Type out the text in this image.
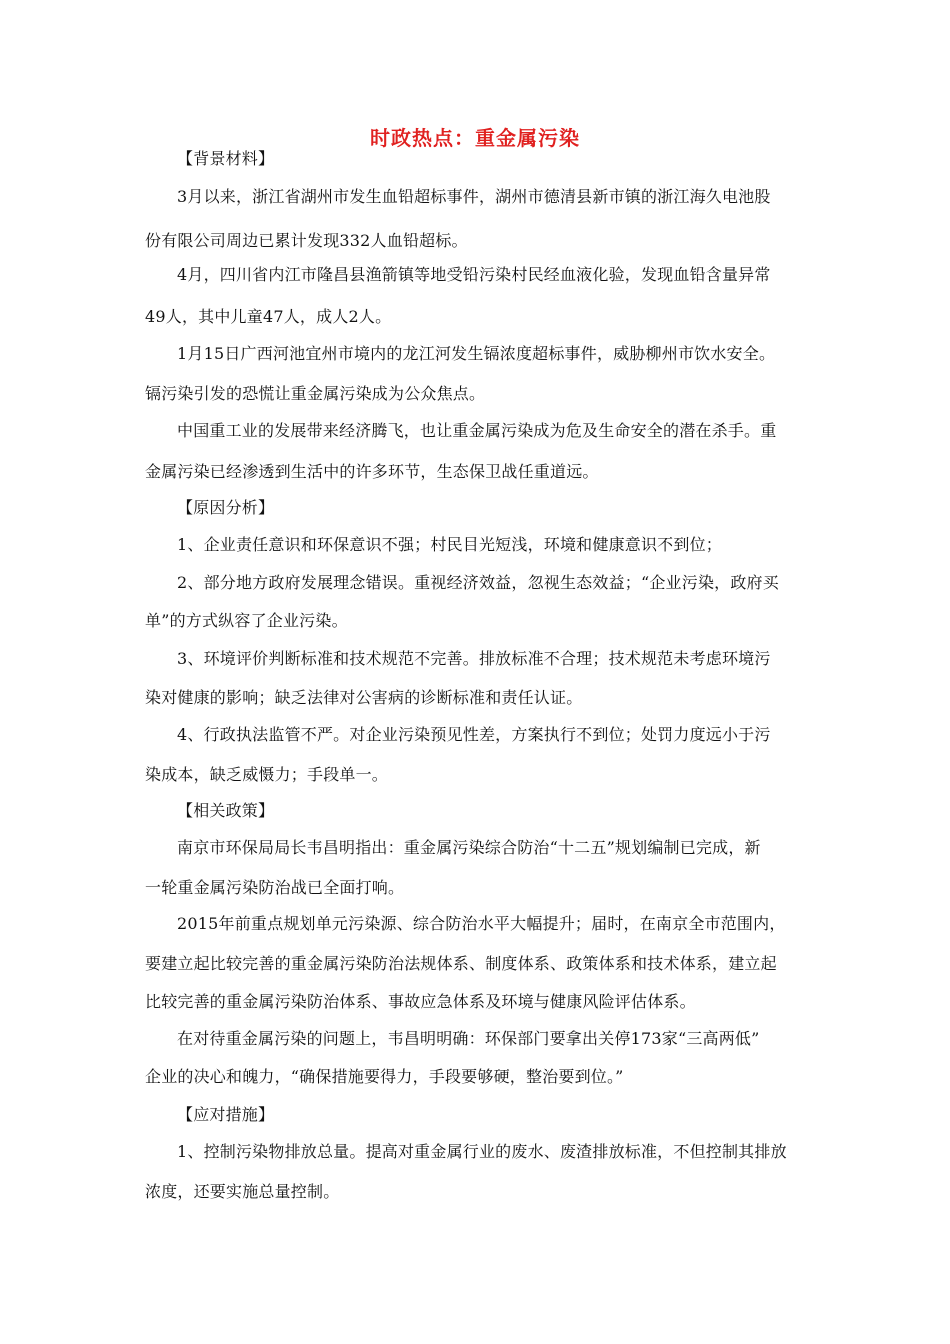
时政热点：重金属污染
【背景材料】
3月以来，浙江省湖州市发生血铅超标事件，湖州市德清县新市镇的浙江海久电池股
份有限公司周边已累计发现332人血铅超标。
4月，四川省内江市隆昌县渔箭镇等地受铅污染村民经血液化验，发现血铅含量异常
49人，其中儿童47人，成人2人。
1月15日广西河池宜州市境内的龙江河发生镉浓度超标事件，威胁柳州市饮水安全。
镉污染引发的恐慌让重金属污染成为公众焦点。
中国重工业的发展带来经济腾飞，也让重金属污染成为危及生命安全的潜在杀手。重
金属污染已经渗透到生活中的许多环节，生态保卫战任重道远。
【原因分析】
1、企业责任意识和环保意识不强；村民目光短浅，环境和健康意识不到位；
2、部分地方政府发展理念错误。重视经济效益，忽视生态效益；“企业污染，政府买
单”的方式纵容了企业污染。
3、环境评价判断标准和技术规范不完善。排放标准不合理；技术规范未考虑环境污
染对健康的影响；缺乏法律对公害病的诊断标准和责任认证。
4、行政执法监管不严。对企业污染预见性差，方案执行不到位；处罚力度远小于污
染成本，缺乏威慑力；手段单一。
【相关政策】
南京市环保局局长韦昌明指出：重金属污染综合防治“十二五”规划编制已完成，新
一轮重金属污染防治战已全面打响。
2015年前重点规划单元污染源、综合防治水平大幅提升；届时，在南京全市范围内，
要建立起比较完善的重金属污染防治法规体系、制度体系、政策体系和技术体系，建立起
比较完善的重金属污染防治体系、事故应急体系及环境与健康风险评估体系。
在对待重金属污染的问题上，韦昌明明确：环保部门要拿出关停173家“三高两低”
企业的决心和魄力，“确保措施要得力，手段要够硬，整治要到位。”
【应对措施】
1、控制污染物排放总量。提高对重金属行业的废水、废渣排放标准，不但控制其排放
浓度，还要实施总量控制。
